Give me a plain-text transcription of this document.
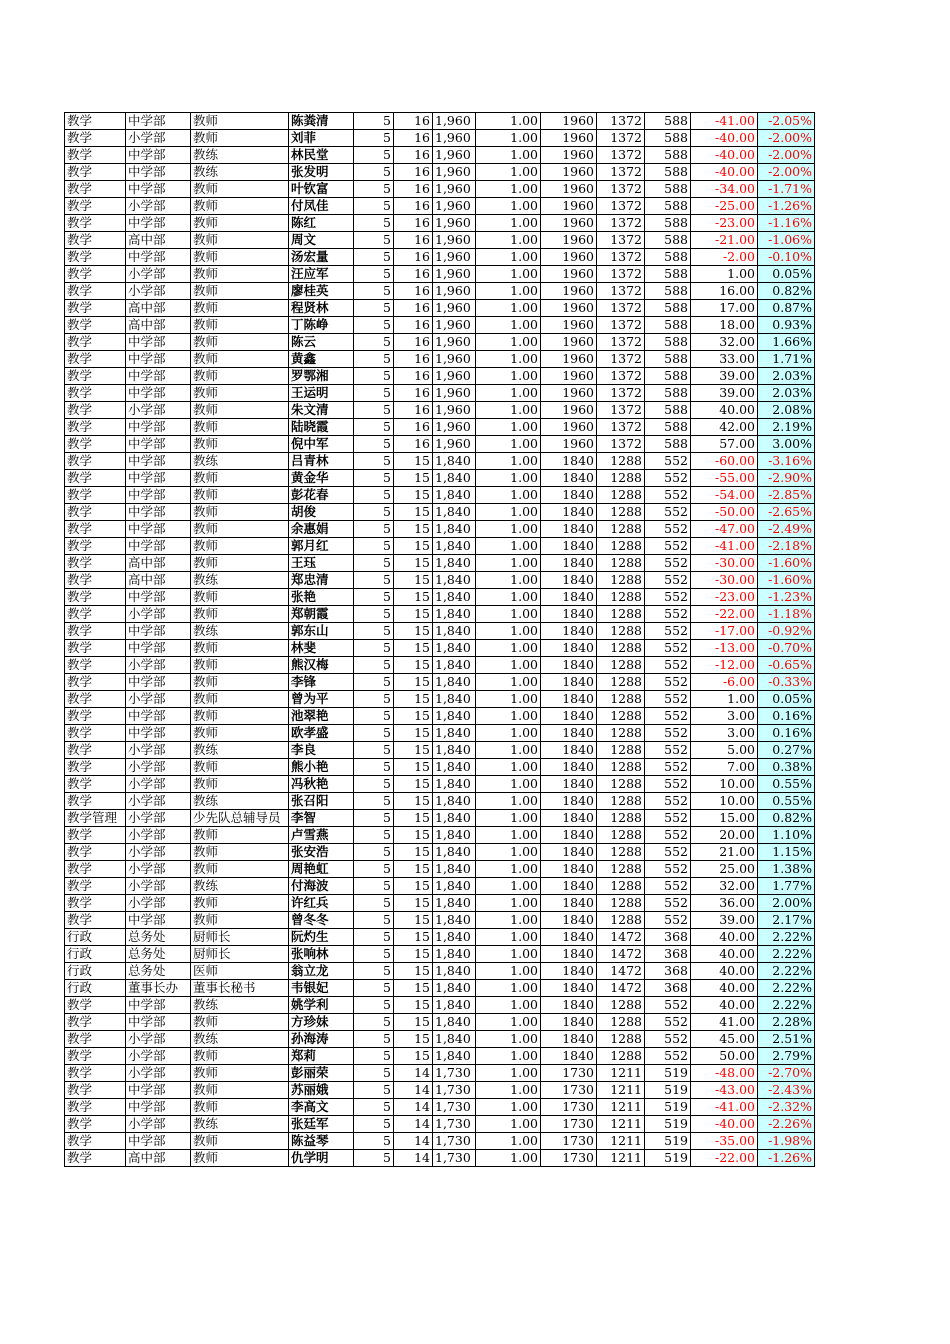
教学	中学部	教师	陈粪清	5	16	1,960	1.00	1960	1372	588	-41.00	-2.05%
教学	小学部	教师	刘菲	5	16	1,960	1.00	1960	1372	588	-40.00	-2.00%
教学	中学部	教练	林民堂	5	16	1,960	1.00	1960	1372	588	-40.00	-2.00%
教学	中学部	教练	张发明	5	16	1,960	1.00	1960	1372	588	-40.00	-2.00%
教学	中学部	教师	叶钦富	5	16	1,960	1.00	1960	1372	588	-34.00	-1.71%
教学	小学部	教师	付凤佳	5	16	1,960	1.00	1960	1372	588	-25.00	-1.26%
教学	中学部	教师	陈红	5	16	1,960	1.00	1960	1372	588	-23.00	-1.16%
教学	高中部	教师	周文	5	16	1,960	1.00	1960	1372	588	-21.00	-1.06%
教学	中学部	教师	汤宏量	5	16	1,960	1.00	1960	1372	588	-2.00	-0.10%
教学	小学部	教师	汪应军	5	16	1,960	1.00	1960	1372	588	1.00	0.05%
教学	小学部	教师	廖桂英	5	16	1,960	1.00	1960	1372	588	16.00	0.82%
教学	高中部	教师	程贤林	5	16	1,960	1.00	1960	1372	588	17.00	0.87%
教学	高中部	教师	丁陈峥	5	16	1,960	1.00	1960	1372	588	18.00	0.93%
教学	中学部	教师	陈云	5	16	1,960	1.00	1960	1372	588	32.00	1.66%
教学	中学部	教师	黄鑫	5	16	1,960	1.00	1960	1372	588	33.00	1.71%
教学	中学部	教师	罗鄂湘	5	16	1,960	1.00	1960	1372	588	39.00	2.03%
教学	中学部	教师	王运明	5	16	1,960	1.00	1960	1372	588	39.00	2.03%
教学	小学部	教师	朱文清	5	16	1,960	1.00	1960	1372	588	40.00	2.08%
教学	中学部	教师	陆晓霞	5	16	1,960	1.00	1960	1372	588	42.00	2.19%
教学	中学部	教师	倪中军	5	16	1,960	1.00	1960	1372	588	57.00	3.00%
教学	中学部	教练	吕青林	5	15	1,840	1.00	1840	1288	552	-60.00	-3.16%
教学	中学部	教师	黄金华	5	15	1,840	1.00	1840	1288	552	-55.00	-2.90%
教学	中学部	教师	彭花春	5	15	1,840	1.00	1840	1288	552	-54.00	-2.85%
教学	中学部	教师	胡俊	5	15	1,840	1.00	1840	1288	552	-50.00	-2.65%
教学	中学部	教师	余惠娟	5	15	1,840	1.00	1840	1288	552	-47.00	-2.49%
教学	中学部	教师	郭月红	5	15	1,840	1.00	1840	1288	552	-41.00	-2.18%
教学	高中部	教师	王珏	5	15	1,840	1.00	1840	1288	552	-30.00	-1.60%
教学	高中部	教练	郑忠清	5	15	1,840	1.00	1840	1288	552	-30.00	-1.60%
教学	中学部	教师	张艳	5	15	1,840	1.00	1840	1288	552	-23.00	-1.23%
教学	小学部	教师	郑朝霞	5	15	1,840	1.00	1840	1288	552	-22.00	-1.18%
教学	中学部	教练	郭东山	5	15	1,840	1.00	1840	1288	552	-17.00	-0.92%
教学	中学部	教师	林斐	5	15	1,840	1.00	1840	1288	552	-13.00	-0.70%
教学	小学部	教师	熊汉梅	5	15	1,840	1.00	1840	1288	552	-12.00	-0.65%
教学	中学部	教师	李锋	5	15	1,840	1.00	1840	1288	552	-6.00	-0.33%
教学	小学部	教师	曾为平	5	15	1,840	1.00	1840	1288	552	1.00	0.05%
教学	中学部	教师	池翠艳	5	15	1,840	1.00	1840	1288	552	3.00	0.16%
教学	中学部	教师	欧孝盛	5	15	1,840	1.00	1840	1288	552	3.00	0.16%
教学	小学部	教练	李良	5	15	1,840	1.00	1840	1288	552	5.00	0.27%
教学	小学部	教师	熊小艳	5	15	1,840	1.00	1840	1288	552	7.00	0.38%
教学	小学部	教师	冯秋艳	5	15	1,840	1.00	1840	1288	552	10.00	0.55%
教学	小学部	教练	张召阳	5	15	1,840	1.00	1840	1288	552	10.00	0.55%
教学管理	小学部	少先队总辅导员	李智	5	15	1,840	1.00	1840	1288	552	15.00	0.82%
教学	小学部	教师	卢雪燕	5	15	1,840	1.00	1840	1288	552	20.00	1.10%
教学	小学部	教师	张安浩	5	15	1,840	1.00	1840	1288	552	21.00	1.15%
教学	小学部	教师	周艳虹	5	15	1,840	1.00	1840	1288	552	25.00	1.38%
教学	小学部	教练	付海波	5	15	1,840	1.00	1840	1288	552	32.00	1.77%
教学	小学部	教师	许红兵	5	15	1,840	1.00	1840	1288	552	36.00	2.00%
教学	中学部	教师	曾冬冬	5	15	1,840	1.00	1840	1288	552	39.00	2.17%
行政	总务处	厨师长	阮灼生	5	15	1,840	1.00	1840	1472	368	40.00	2.22%
行政	总务处	厨师长	张响林	5	15	1,840	1.00	1840	1472	368	40.00	2.22%
行政	总务处	医师	翁立龙	5	15	1,840	1.00	1840	1472	368	40.00	2.22%
行政	董事长办	董事长秘书	韦银妃	5	15	1,840	1.00	1840	1472	368	40.00	2.22%
教学	中学部	教练	姚学利	5	15	1,840	1.00	1840	1288	552	40.00	2.22%
教学	中学部	教师	方珍妹	5	15	1,840	1.00	1840	1288	552	41.00	2.28%
教学	小学部	教练	孙海涛	5	15	1,840	1.00	1840	1288	552	45.00	2.51%
教学	小学部	教师	郑莉	5	15	1,840	1.00	1840	1288	552	50.00	2.79%
教学	小学部	教师	彭丽荣	5	14	1,730	1.00	1730	1211	519	-48.00	-2.70%
教学	中学部	教师	苏丽娥	5	14	1,730	1.00	1730	1211	519	-43.00	-2.43%
教学	中学部	教师	李高文	5	14	1,730	1.00	1730	1211	519	-41.00	-2.32%
教学	小学部	教练	张廷军	5	14	1,730	1.00	1730	1211	519	-40.00	-2.26%
教学	中学部	教师	陈益琴	5	14	1,730	1.00	1730	1211	519	-35.00	-1.98%
教学	高中部	教师	仇学明	5	14	1,730	1.00	1730	1211	519	-22.00	-1.26%
